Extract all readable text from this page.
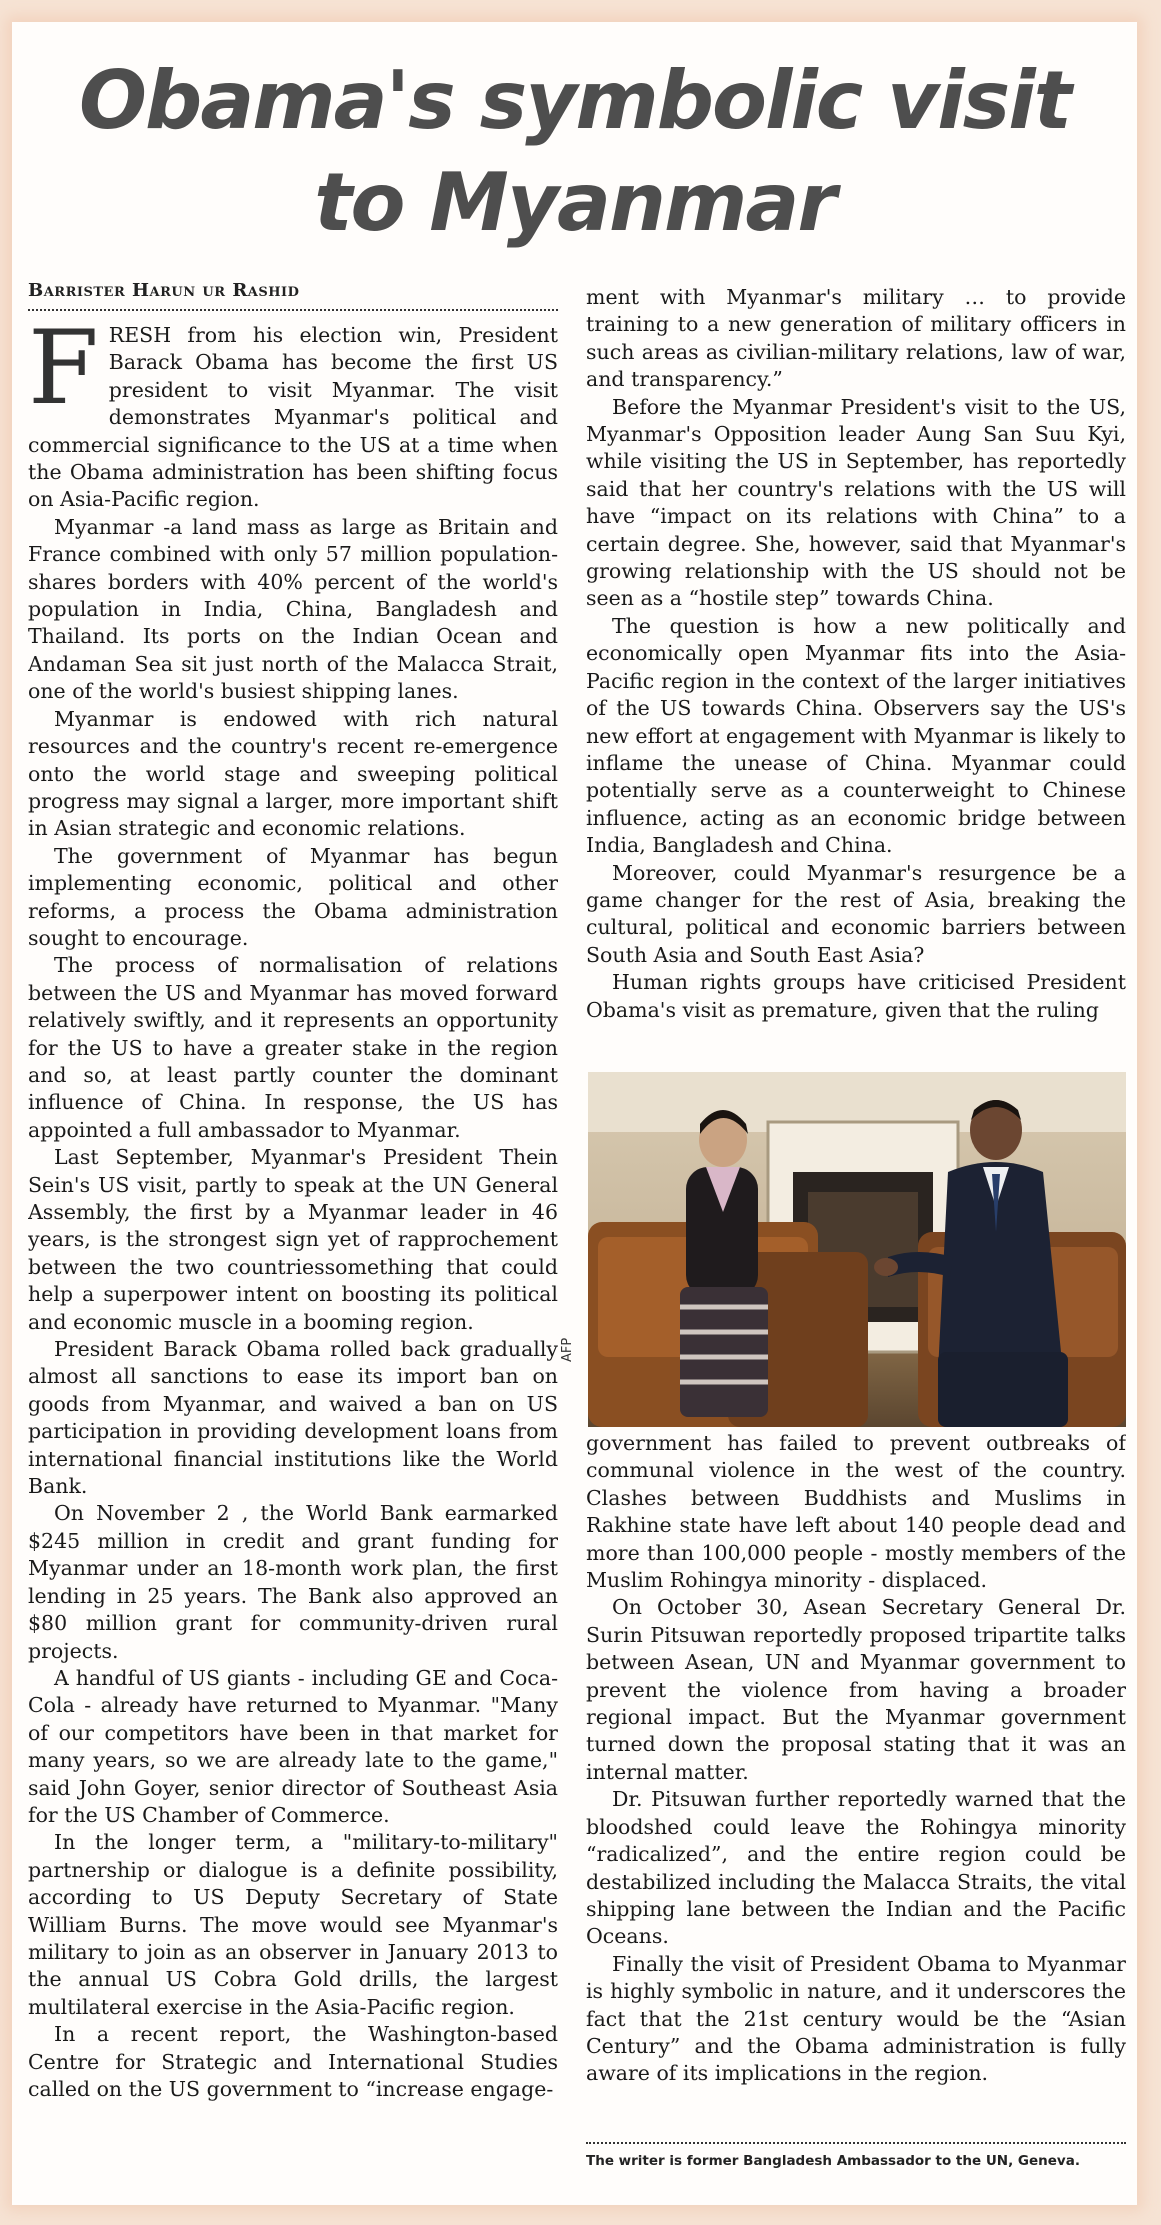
Obama's symbolic visit
to Myanmar
Barrister Harun ur Rashid

FRESH from his election win, President Barack Obama has become the first US president to visit Myanmar. The visit demonstrates Myanmar's political and commercial significance to the US at a time when the Obama administration has been shifting focus on Asia-Pacific region.

Myanmar -a land mass as large as Britain and France combined with only 57 million population- shares borders with 40% percent of the world's population in India, China, Bangladesh and Thailand. Its ports on the Indian Ocean and Andaman Sea sit just north of the Malacca Strait, one of the world's busiest shipping lanes.

Myanmar is endowed with rich natural resources and the country's recent re-emergence onto the world stage and sweeping political progress may signal a larger, more important shift in Asian strategic and economic relations.

The government of Myanmar has begun implementing economic, political and other reforms, a process the Obama administration sought to encourage.

The process of normalisation of relations between the US and Myanmar has moved forward relatively swiftly, and it represents an opportunity for the US to have a greater stake in the region and so, at least partly counter the dominant influence of China. In response, the US has appointed a full ambassador to Myanmar.

Last September, Myanmar's President Thein Sein's US visit, partly to speak at the UN General Assembly, the first by a Myanmar leader in 46 years, is the strongest sign yet of rapprochement between the two countriessomething that could help a superpower intent on boosting its political and economic muscle in a booming region.

President Barack Obama rolled back gradually almost all sanctions to ease its import ban on goods from Myanmar, and waived a ban on US participation in providing development loans from international financial institutions like the World Bank.

On November 2 , the World Bank earmarked $245 million in credit and grant funding for Myanmar under an 18-month work plan, the first lending in 25 years. The Bank also approved an $80 million grant for community-driven rural projects.

A handful of US giants - including GE and Coca-Cola - already have returned to Myanmar. "Many of our competitors have been in that market for many years, so we are already late to the game," said John Goyer, senior director of Southeast Asia for the US Chamber of Commerce.

In the longer term, a "military-to-military" partnership or dialogue is a definite possibility, according to US Deputy Secretary of State William Burns. The move would see Myanmar's military to join as an observer in January 2013 to the annual US Cobra Gold drills, the largest multilateral exercise in the Asia-Pacific region.

In a recent report, the Washington-based Centre for Strategic and International Studies called on the US government to “increase engage-

ment with Myanmar's military … to provide training to a new generation of military officers in such areas as civilian-military relations, law of war, and transparency.”

Before the Myanmar President's visit to the US, Myanmar's Opposition leader Aung San Suu Kyi, while visiting the US in September, has reportedly said that her country's relations with the US will have “impact on its relations with China” to a certain degree. She, however, said that Myanmar's growing relationship with the US should not be seen as a “hostile step” towards China.

The question is how a new politically and economically open Myanmar fits into the Asia-Pacific region in the context of the larger initiatives of the US towards China. Observers say the US's new effort at engagement with Myanmar is likely to inflame the unease of China. Myanmar could potentially serve as a counterweight to Chinese influence, acting as an economic bridge between India, Bangladesh and China.

Moreover, could Myanmar's resurgence be a game changer for the rest of Asia, breaking the cultural, political and economic barriers between South Asia and South East Asia?

Human rights groups have criticised President Obama's visit as premature, given that the ruling

AFP

government has failed to prevent outbreaks of communal violence in the west of the country. Clashes between Buddhists and Muslims in Rakhine state have left about 140 people dead and more than 100,000 people - mostly members of the Muslim Rohingya minority - displaced.

On October 30, Asean Secretary General Dr. Surin Pitsuwan reportedly proposed tripartite talks between Asean, UN and Myanmar government to prevent the violence from having a broader regional impact. But the Myanmar government turned down the proposal stating that it was an internal matter.

Dr. Pitsuwan further reportedly warned that the bloodshed could leave the Rohingya minority “radicalized”, and the entire region could be destabilized including the Malacca Straits, the vital shipping lane between the Indian and the Pacific Oceans.

Finally the visit of President Obama to Myanmar is highly symbolic in nature, and it underscores the fact that the 21st century would be the “Asian Century” and the Obama administration is fully aware of its implications in the region.

The writer is former Bangladesh Ambassador to the UN, Geneva.
